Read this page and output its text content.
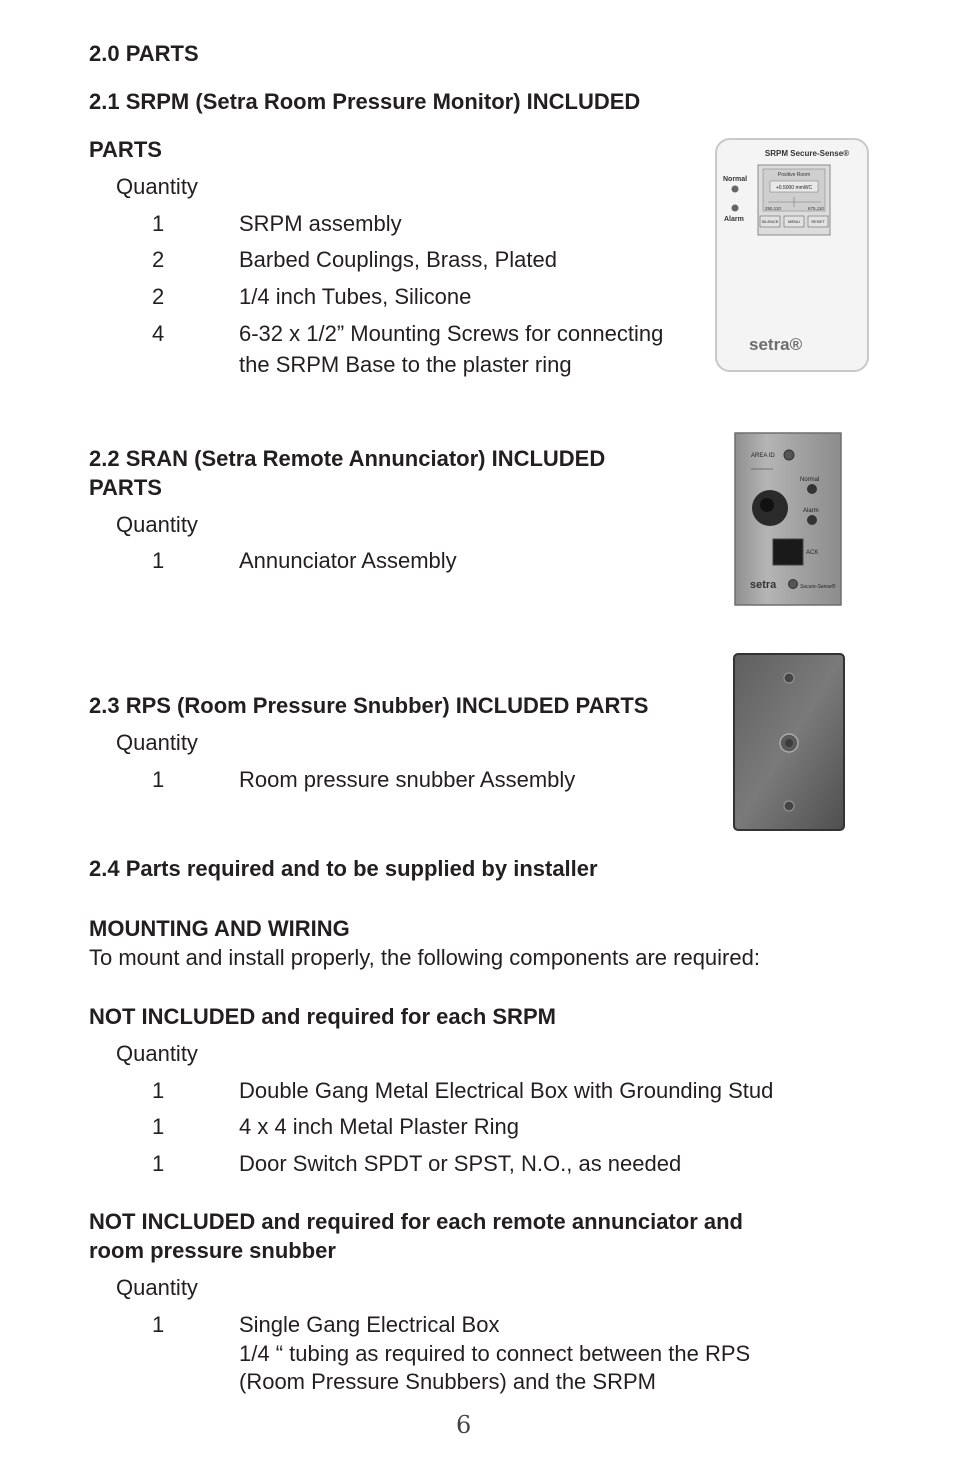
2.0 PARTS
2.1 SRPM (Setra Room Pressure Monitor) INCLUDED
PARTS
Quantity
1	SRPM assembly
2	Barbed Couplings, Brass, Plated
2	1/4 inch Tubes, Silicone
4	6-32 x 1/2” Mounting Screws for connecting
the SRPM Base to the plaster ring
SRPM Secure-Sense®
Positive Room
+0.5000 mmWC
250,110	675,110
SILENCE MENU	RESET
Normal
Alarm
setra®
2.2 SRAN (Setra Remote Annunciator) INCLUDED
PARTS
Quantity
1	Annunciator Assembly
AREA ID
Normal
Alarm
ACK
setra	Secure-Sense®
2.3 RPS (Room Pressure Snubber) INCLUDED PARTS
Quantity
1	Room pressure snubber Assembly
2.4 Parts required and to be supplied by installer
MOUNTING AND WIRING
To mount and install properly, the following components are required:
NOT INCLUDED and required for each SRPM
Quantity
1	Double Gang Metal Electrical Box with Grounding Stud
1	4 x 4 inch Metal Plaster Ring
1	Door Switch SPDT or SPST, N.O., as needed
NOT INCLUDED and required for each remote annunciator and
room pressure snubber
Quantity
1	Single Gang Electrical Box
1/4 “ tubing as required to connect between the RPS
(Room Pressure Snubbers) and the SRPM
6
